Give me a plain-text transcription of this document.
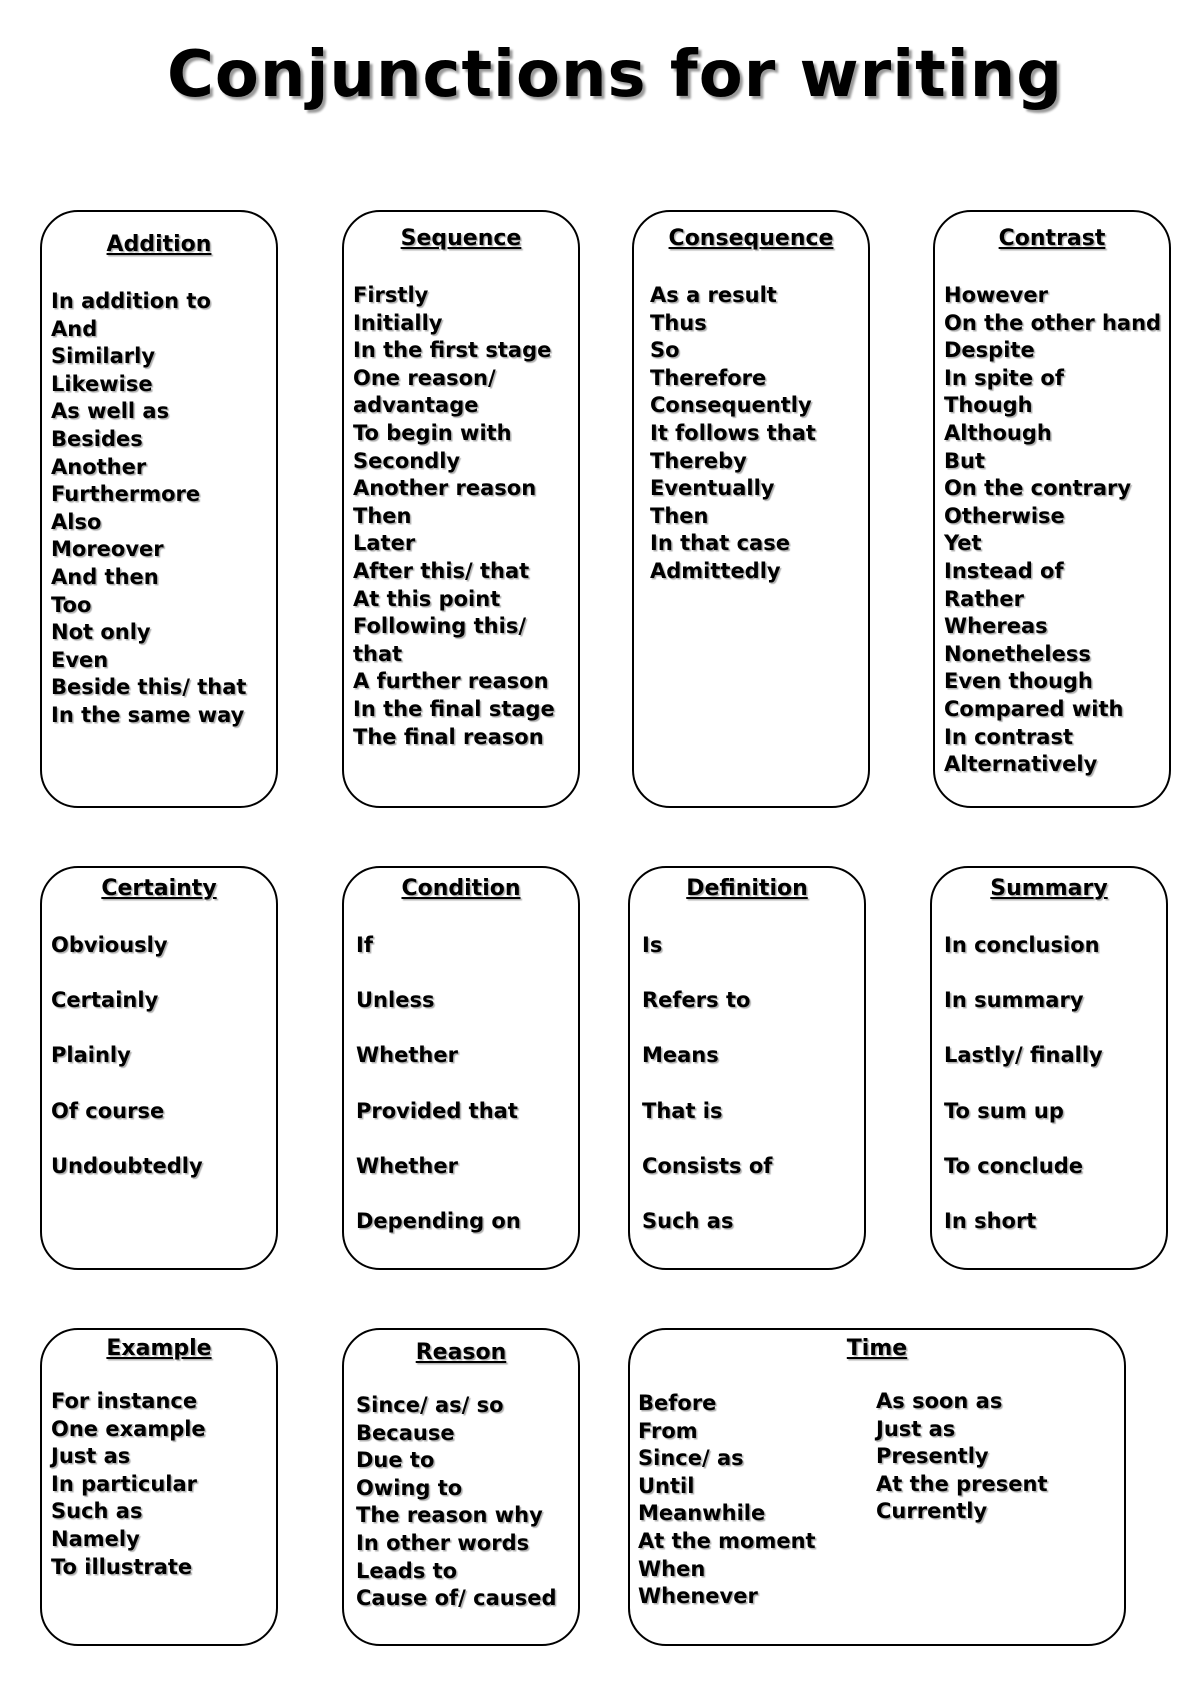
Conjunctions for writing
Addition
In addition to
And
Similarly
Likewise
As well as
Besides
Another
Furthermore
Also
Moreover
And then
Too
Not only
Even
Beside this/ that
In the same way
Sequence
Firstly
Initially
In the first stage
One reason/
advantage
To begin with
Secondly
Another reason
Then
Later
After this/ that
At this point
Following this/
that
A further reason
In the final stage
The final reason
Consequence
As a result
Thus
So
Therefore
Consequently
It follows that
Thereby
Eventually
Then
In that case
Admittedly
Contrast
However
On the other hand
Despite
In spite of
Though
Although
But
On the contrary
Otherwise
Yet
Instead of
Rather
Whereas
Nonetheless
Even though
Compared with
In contrast
Alternatively
Certainty
Obviously
Certainly
Plainly
Of course
Undoubtedly
Condition
If
Unless
Whether
Provided that
Whether
Depending on
Definition
Is
Refers to
Means
That is
Consists of
Such as
Summary
In conclusion
In summary
Lastly/ finally
To sum up
To conclude
In short
Example
For instance
One example
Just as
In particular
Such as
Namely
To illustrate
Reason
Since/ as/ so
Because
Due to
Owing to
The reason why
In other words
Leads to
Cause of/ caused
Time
Before
From
Since/ as
Until
Meanwhile
At the moment
When
Whenever
As soon as
Just as
Presently
At the present
Currently
